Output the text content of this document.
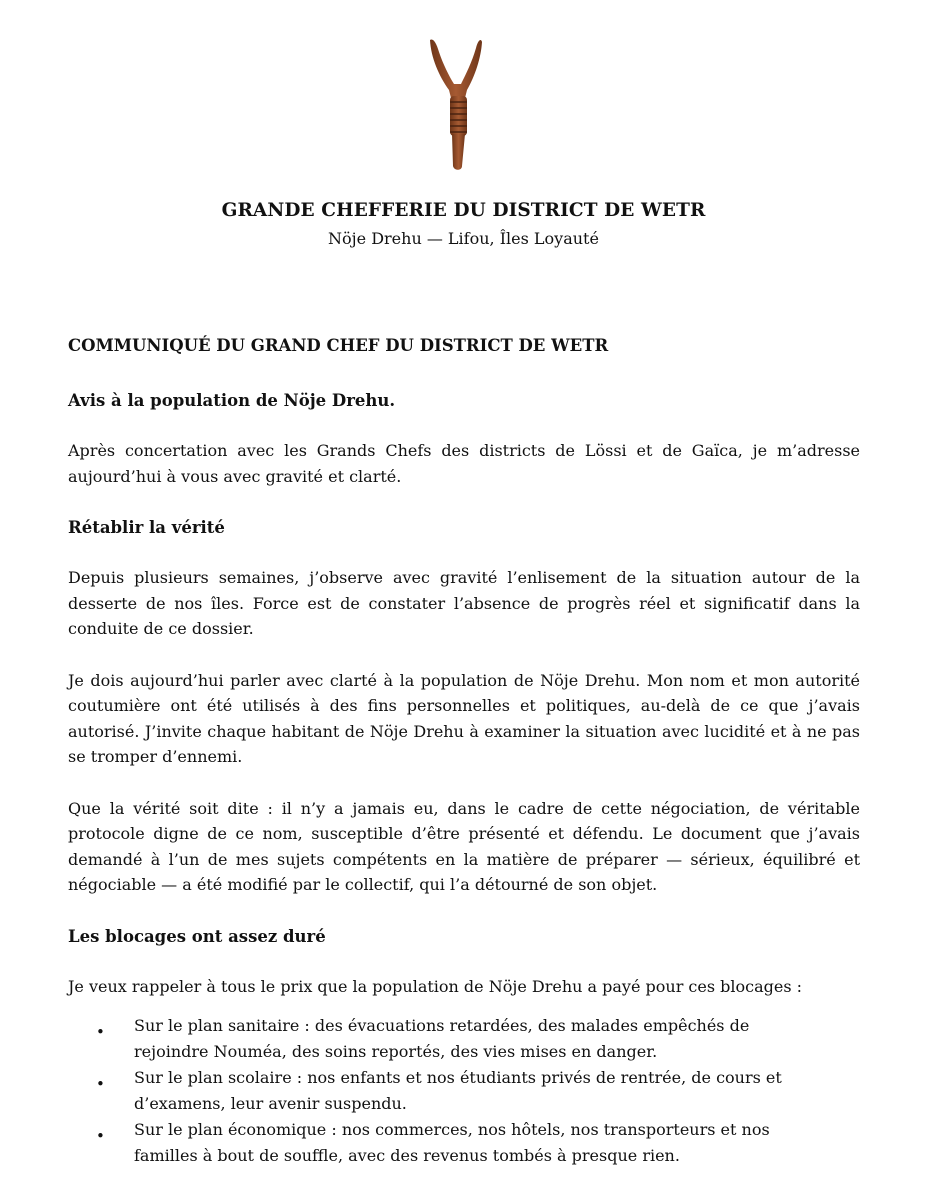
GRANDE CHEFFERIE DU DISTRICT DE WETR
Nöje Drehu — Lifou, Îles Loyauté

COMMUNIQUÉ DU GRAND CHEF DU DISTRICT DE WETR

Avis à la population de Nöje Drehu.

Après concertation avec les Grands Chefs des districts de Lössi et de Gaïca, je m’adresse aujourd’hui à vous avec gravité et clarté.

Rétablir la vérité

Depuis plusieurs semaines, j’observe avec gravité l’enlisement de la situation autour de la desserte de nos îles. Force est de constater l’absence de progrès réel et significatif dans la conduite de ce dossier.

Je dois aujourd’hui parler avec clarté à la population de Nöje Drehu. Mon nom et mon autorité coutumière ont été utilisés à des fins personnelles et politiques, au-delà de ce que j’avais autorisé. J’invite chaque habitant de Nöje Drehu à examiner la situation avec lucidité et à ne pas se tromper d’ennemi.

Que la vérité soit dite : il n’y a jamais eu, dans le cadre de cette négociation, de véritable protocole digne de ce nom, susceptible d’être présenté et défendu. Le document que j’avais demandé à l’un de mes sujets compétents en la matière de préparer — sérieux, équilibré et négociable — a été modifié par le collectif, qui l’a détourné de son objet.

Les blocages ont assez duré

Je veux rappeler à tous le prix que la population de Nöje Drehu a payé pour ces blocages :

• Sur le plan sanitaire : des évacuations retardées, des malades empêchés de rejoindre Nouméa, des soins reportés, des vies mises en danger.
• Sur le plan scolaire : nos enfants et nos étudiants privés de rentrée, de cours et d’examens, leur avenir suspendu.
• Sur le plan économique : nos commerces, nos hôtels, nos transporteurs et nos familles à bout de souffle, avec des revenus tombés à presque rien.
